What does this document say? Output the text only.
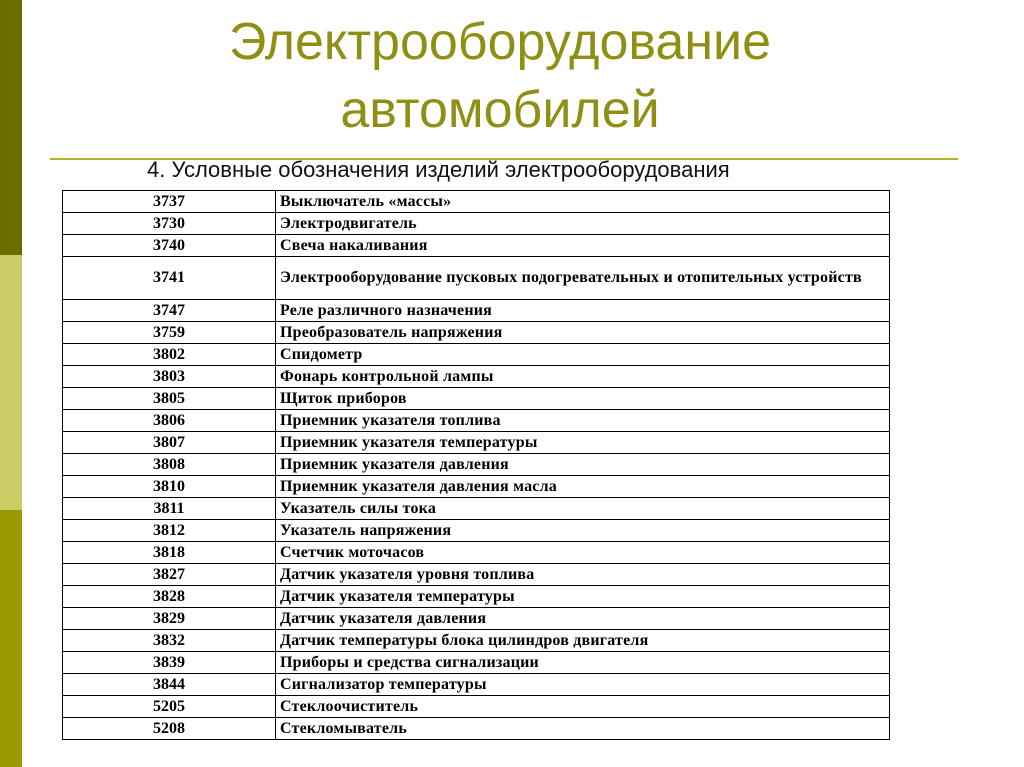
Электрооборудование
автомобилей
4. Условные обозначения изделий электрооборудования
3737	Выключатель «массы»
3730	Электродвигатель
3740	Свеча накаливания
3741	Электрооборудование пусковых подогревательных и отопительных устройств
3747	Реле различного назначения
3759	Преобразователь напряжения
3802	Спидометр
3803	Фонарь контрольной лампы
3805	Щиток приборов
3806	Приемник указателя топлива
3807	Приемник указателя температуры
3808	Приемник указателя давления
3810	Приемник указателя давления масла
3811	Указатель силы тока
3812	Указатель напряжения
3818	Счетчик моточасов
3827	Датчик указателя уровня топлива
3828	Датчик указателя температуры
3829	Датчик указателя давления
3832	Датчик температуры блока цилиндров двигателя
3839	Приборы и средства сигнализации
3844	Сигнализатор температуры
5205	Стеклоочиститель
5208	Стекломыватель
